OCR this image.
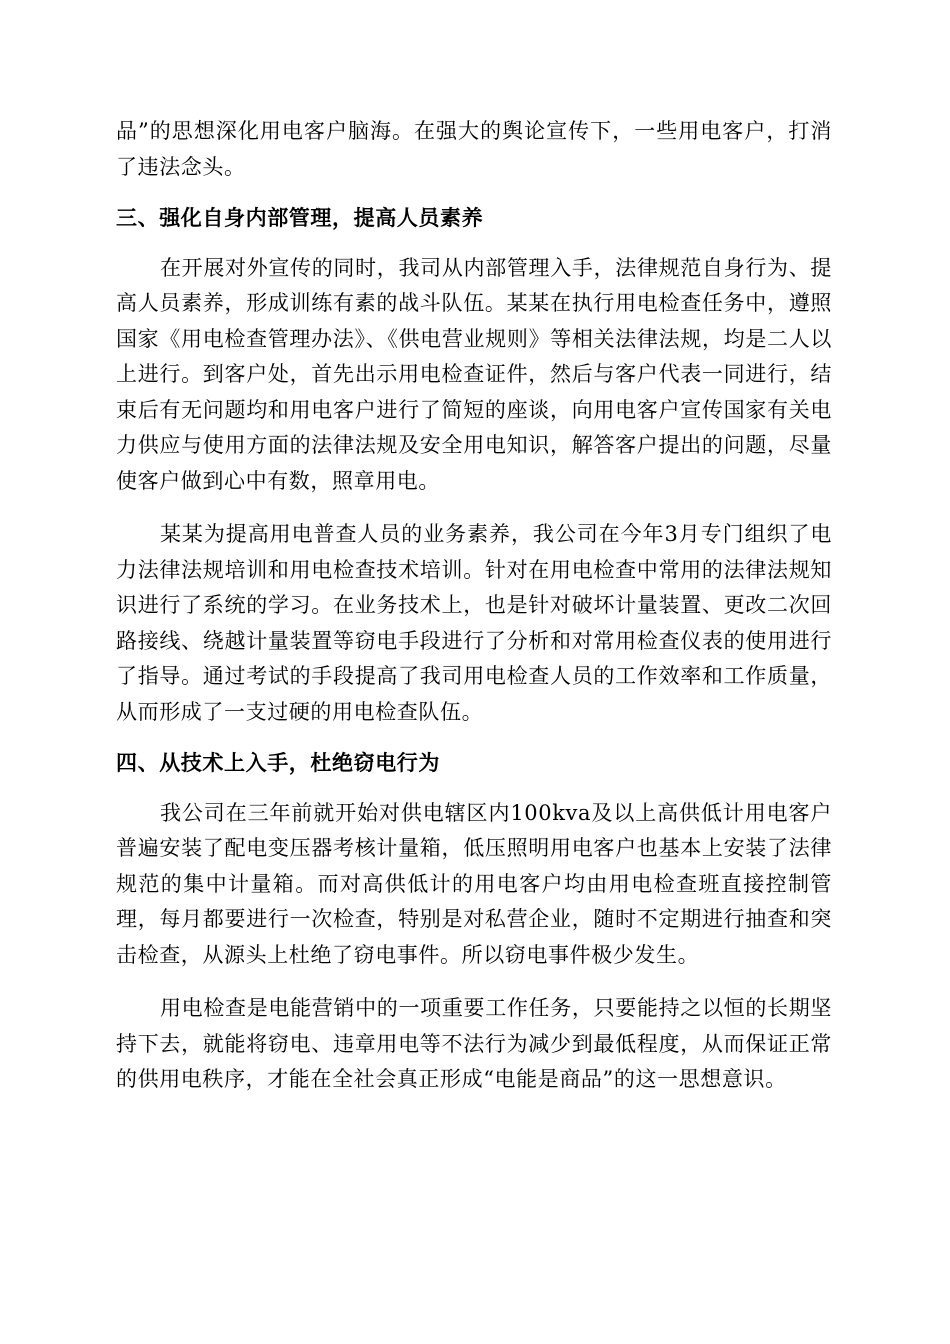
品”的思想深化用电客户脑海。在强大的舆论宣传下，一些用电客户，打消了违法念头。

三、强化自身内部管理，提高人员素养

在开展对外宣传的同时，我司从内部管理入手，法律规范自身行为、提高人员素养，形成训练有素的战斗队伍。某某在执行用电检查任务中，遵照国家《用电检查管理办法》、《供电营业规则》等相关法律法规，均是二人以上进行。到客户处，首先出示用电检查证件，然后与客户代表一同进行，结束后有无问题均和用电客户进行了简短的座谈，向用电客户宣传国家有关电力供应与使用方面的法律法规及安全用电知识，解答客户提出的问题，尽量使客户做到心中有数，照章用电。

某某为提高用电普查人员的业务素养，我公司在今年3月专门组织了电力法律法规培训和用电检查技术培训。针对在用电检查中常用的法律法规知识进行了系统的学习。在业务技术上，也是针对破坏计量装置、更改二次回路接线、绕越计量装置等窃电手段进行了分析和对常用检查仪表的使用进行了指导。通过考试的手段提高了我司用电检查人员的工作效率和工作质量，从而形成了一支过硬的用电检查队伍。

四、从技术上入手，杜绝窃电行为

我公司在三年前就开始对供电辖区内100kva及以上高供低计用电客户普遍安装了配电变压器考核计量箱，低压照明用电客户也基本上安装了法律规范的集中计量箱。而对高供低计的用电客户均由用电检查班直接控制管理，每月都要进行一次检查，特别是对私营企业，随时不定期进行抽查和突击检查，从源头上杜绝了窃电事件。所以窃电事件极少发生。

用电检查是电能营销中的一项重要工作任务，只要能持之以恒的长期坚持下去，就能将窃电、违章用电等不法行为减少到最低程度，从而保证正常的供用电秩序，才能在全社会真正形成“电能是商品”的这一思想意识。
